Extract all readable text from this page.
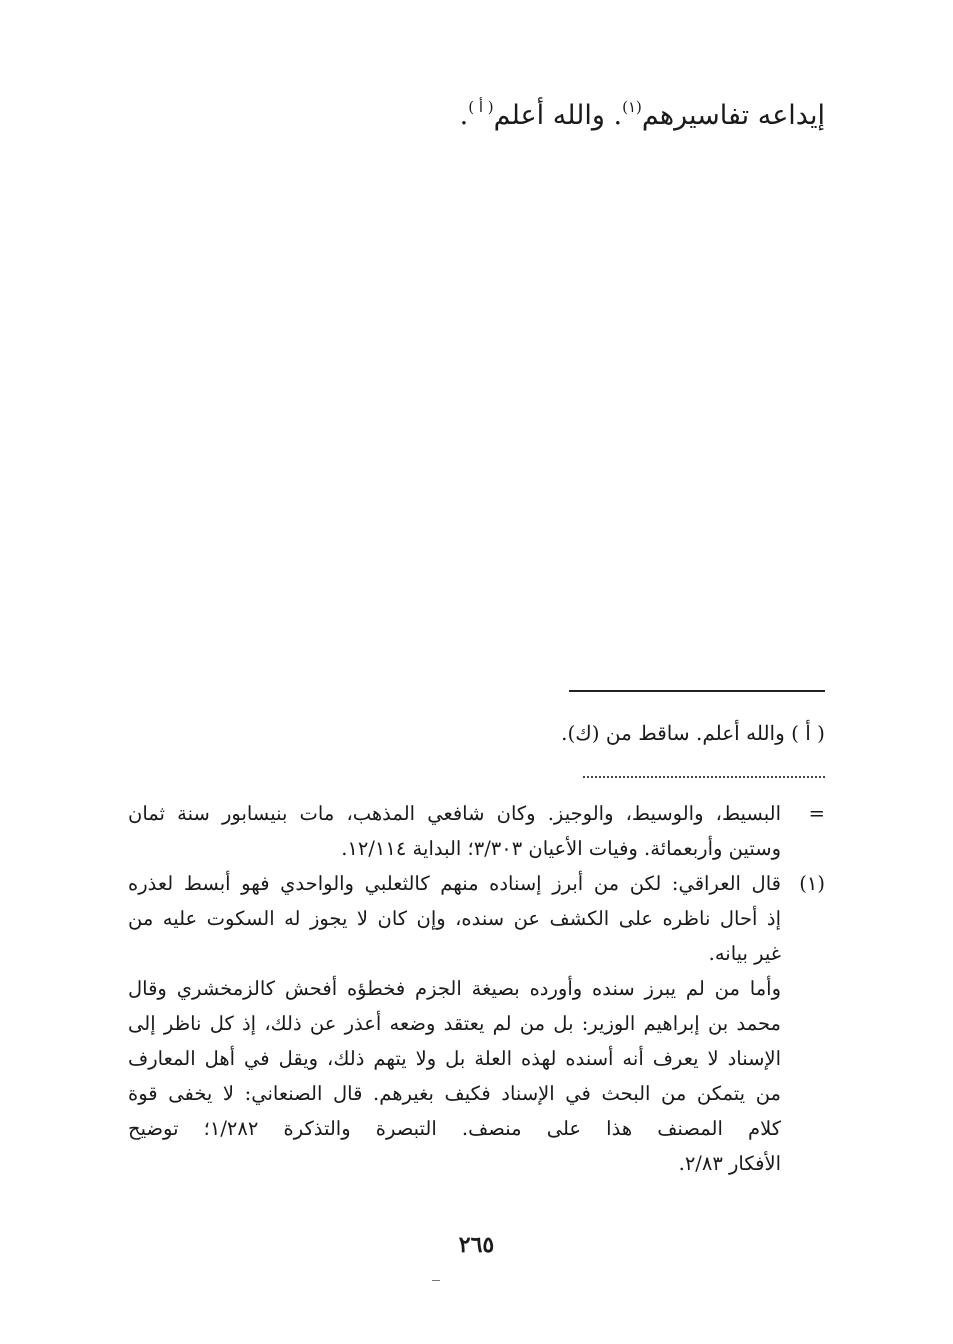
إيداعه تفاسيرهم$^{(١)}$. والله أعلم$^{( أ )}$.
( أ ) والله أعلم. ساقط من (ك).
=
البسيط، والوسيط، والوجيز. وكان شافعي المذهب، مات بنيسابور سنة ثمان
وستين وأربعمائة. وفيات الأعيان ٣/٣٠٣؛ البداية ١٢/١١٤.
(١)
قال العراقي: لكن من أبرز إسناده منهم كالثعلبي والواحدي فهو أبسط لعذره
إذ أحال ناظره على الكشف عن سنده، وإن كان لا يجوز له السكوت عليه من
غير بيانه.
وأما من لم يبرز سنده وأورده بصيغة الجزم فخطؤه أفحش كالزمخشري وقال
محمد بن إبراهيم الوزير: بل من لم يعتقد وضعه أعذر عن ذلك، إذ كل ناظر إلى
الإسناد لا يعرف أنه أسنده لهذه العلة بل ولا يتهم ذلك، ويقل في أهل المعارف
من يتمكن من البحث في الإسناد فكيف بغيرهم. قال الصنعاني: لا يخفى قوة
كلام المصنف هذا على منصف. التبصرة والتذكرة ١/٢٨٢؛ توضيح
الأفكار ٢/٨٣.
٢٦٥
